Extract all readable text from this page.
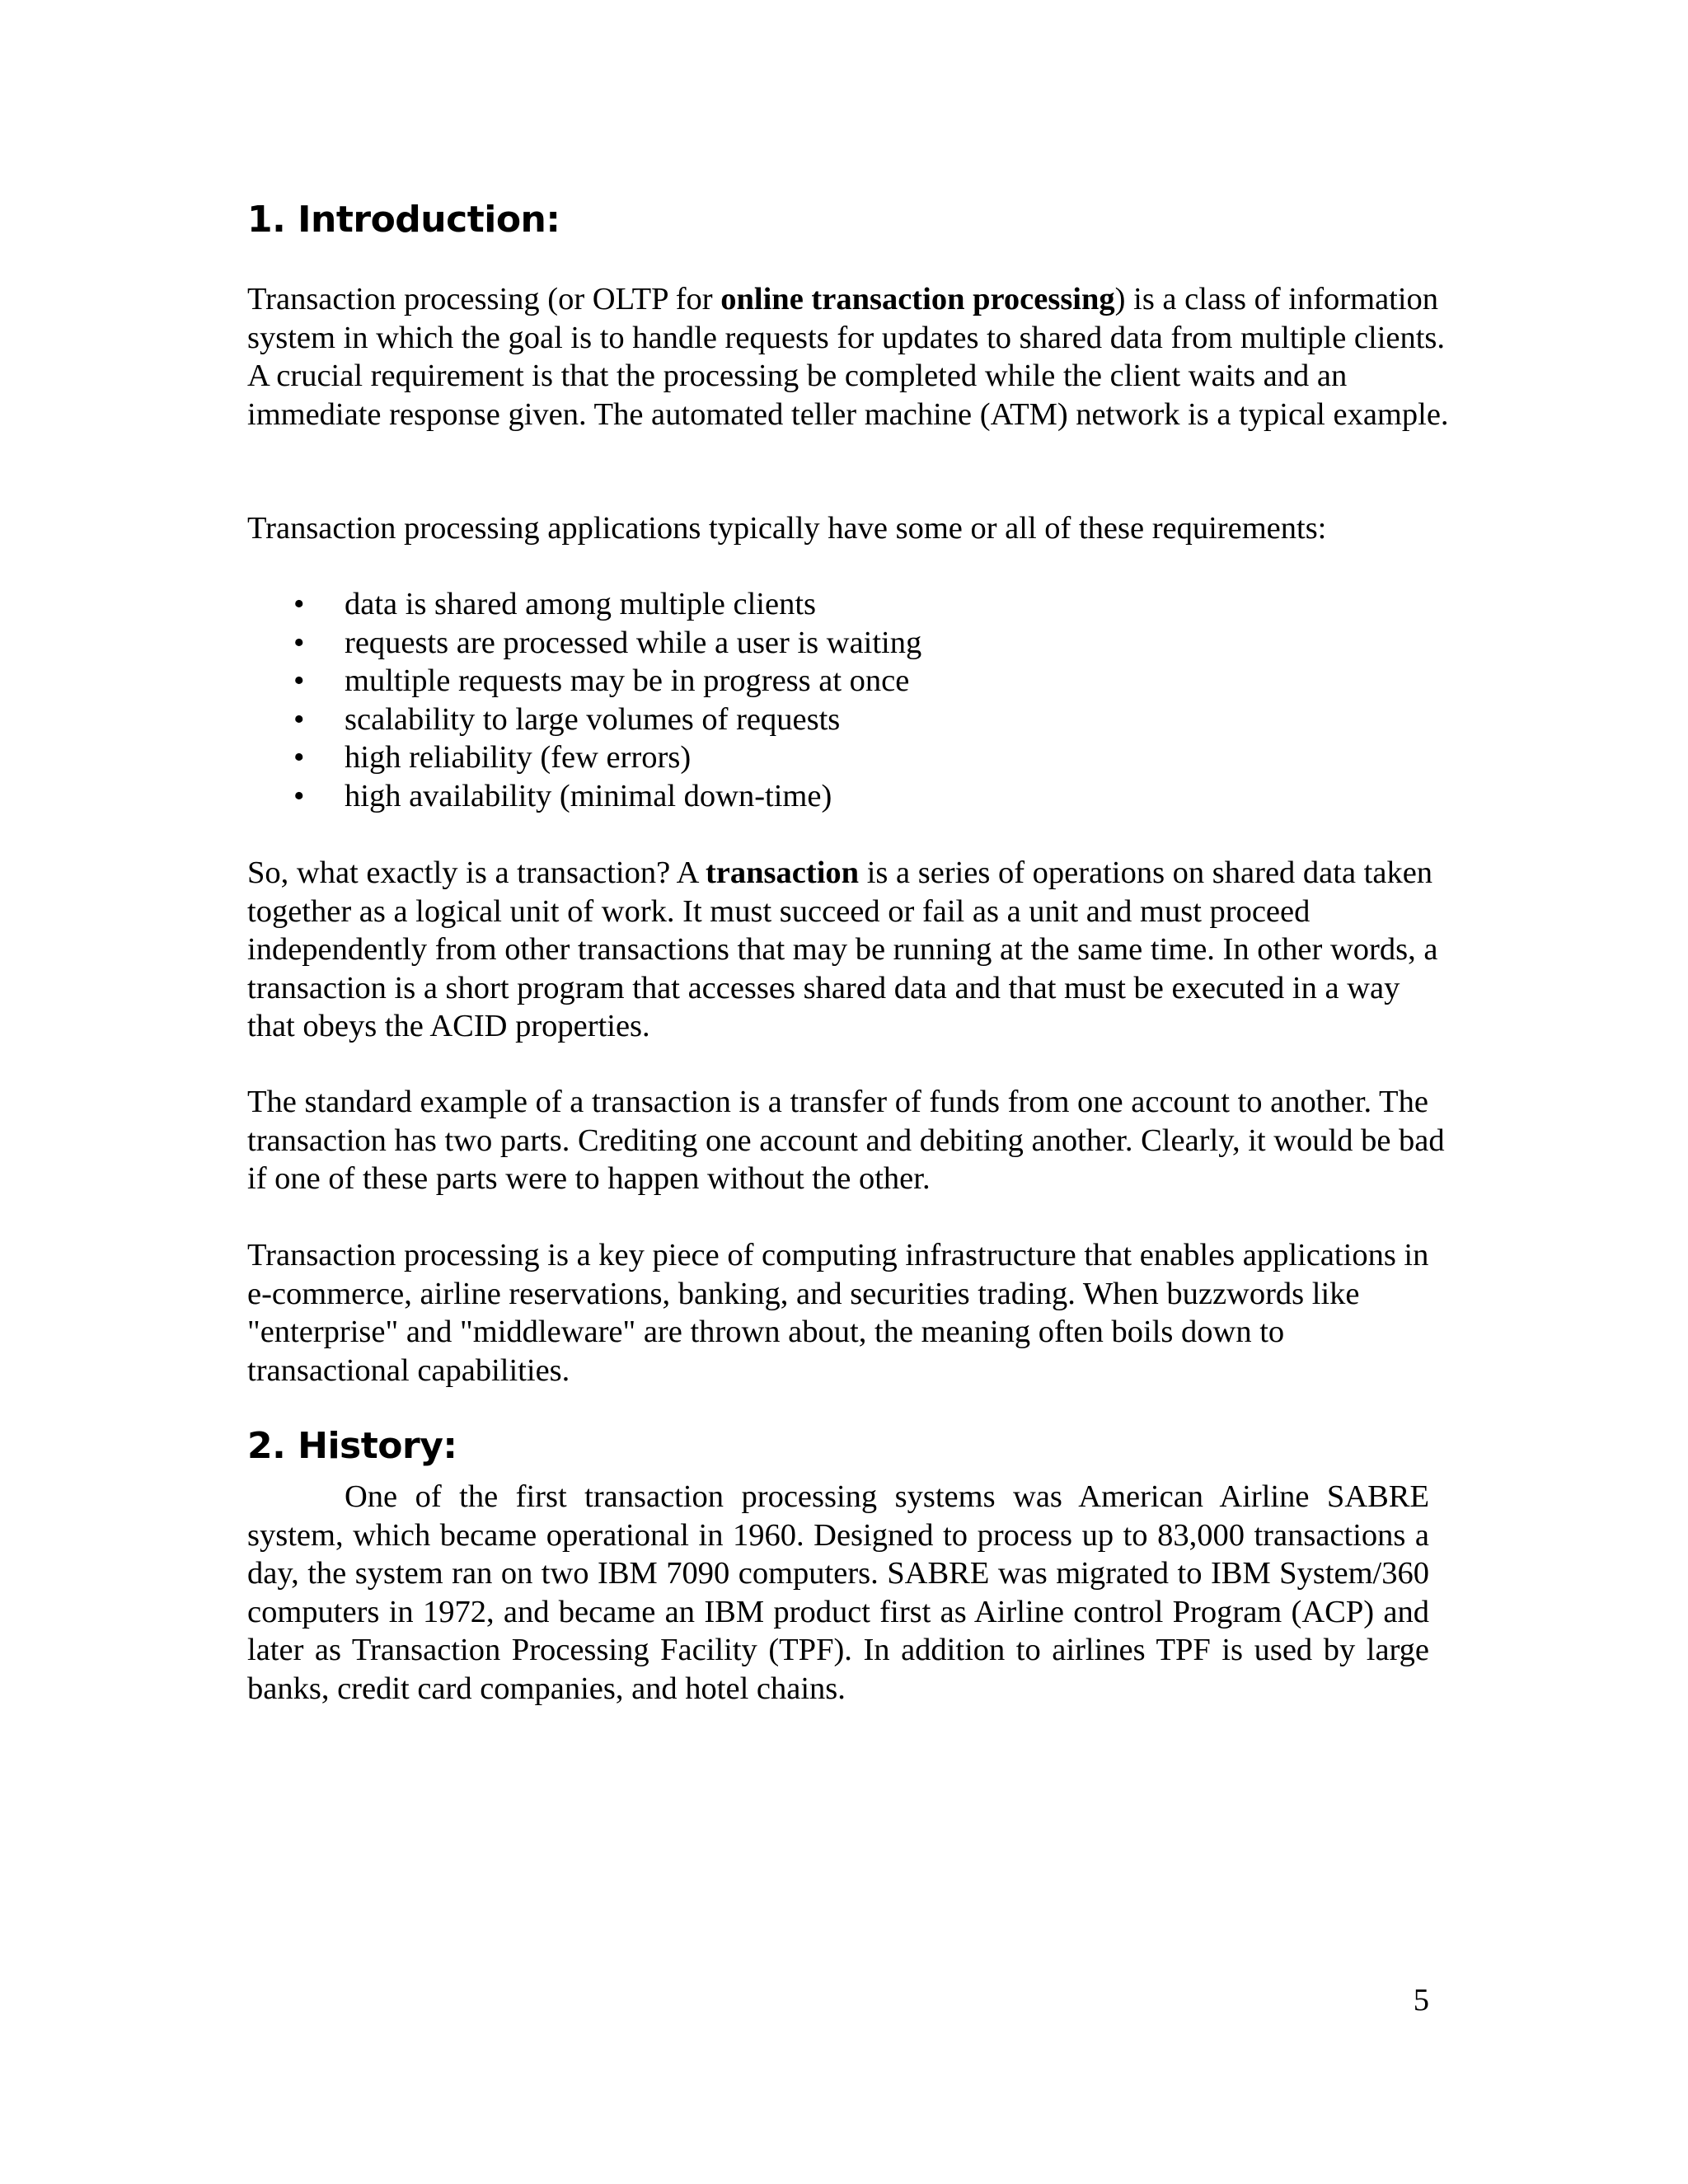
1. Introduction:

Transaction processing (or OLTP for online transaction processing) is a class of information system in which the goal is to handle requests for updates to shared data from multiple clients. A crucial requirement is that the processing be completed while the client waits and an immediate response given. The automated teller machine (ATM) network is a typical example.

Transaction processing applications typically have some or all of these requirements:

• data is shared among multiple clients
• requests are processed while a user is waiting
• multiple requests may be in progress at once
• scalability to large volumes of requests
• high reliability (few errors)
• high availability (minimal down-time)

So, what exactly is a transaction? A transaction is a series of operations on shared data taken together as a logical unit of work. It must succeed or fail as a unit and must proceed independently from other transactions that may be running at the same time. In other words, a transaction is a short program that accesses shared data and that must be executed in a way that obeys the ACID properties.

The standard example of a transaction is a transfer of funds from one account to another. The transaction has two parts. Crediting one account and debiting another. Clearly, it would be bad if one of these parts were to happen without the other.

Transaction processing is a key piece of computing infrastructure that enables applications in e-commerce, airline reservations, banking, and securities trading. When buzzwords like "enterprise" and "middleware" are thrown about, the meaning often boils down to transactional capabilities.

2. History:

One of the first transaction processing systems was American Airline SABRE system, which became operational in 1960. Designed to process up to 83,000 transactions a day, the system ran on two IBM 7090 computers. SABRE was migrated to IBM System/360 computers in 1972, and became an IBM product first as Airline control Program (ACP) and later as Transaction Processing Facility (TPF). In addition to airlines TPF is used by large banks, credit card companies, and hotel chains.

5
